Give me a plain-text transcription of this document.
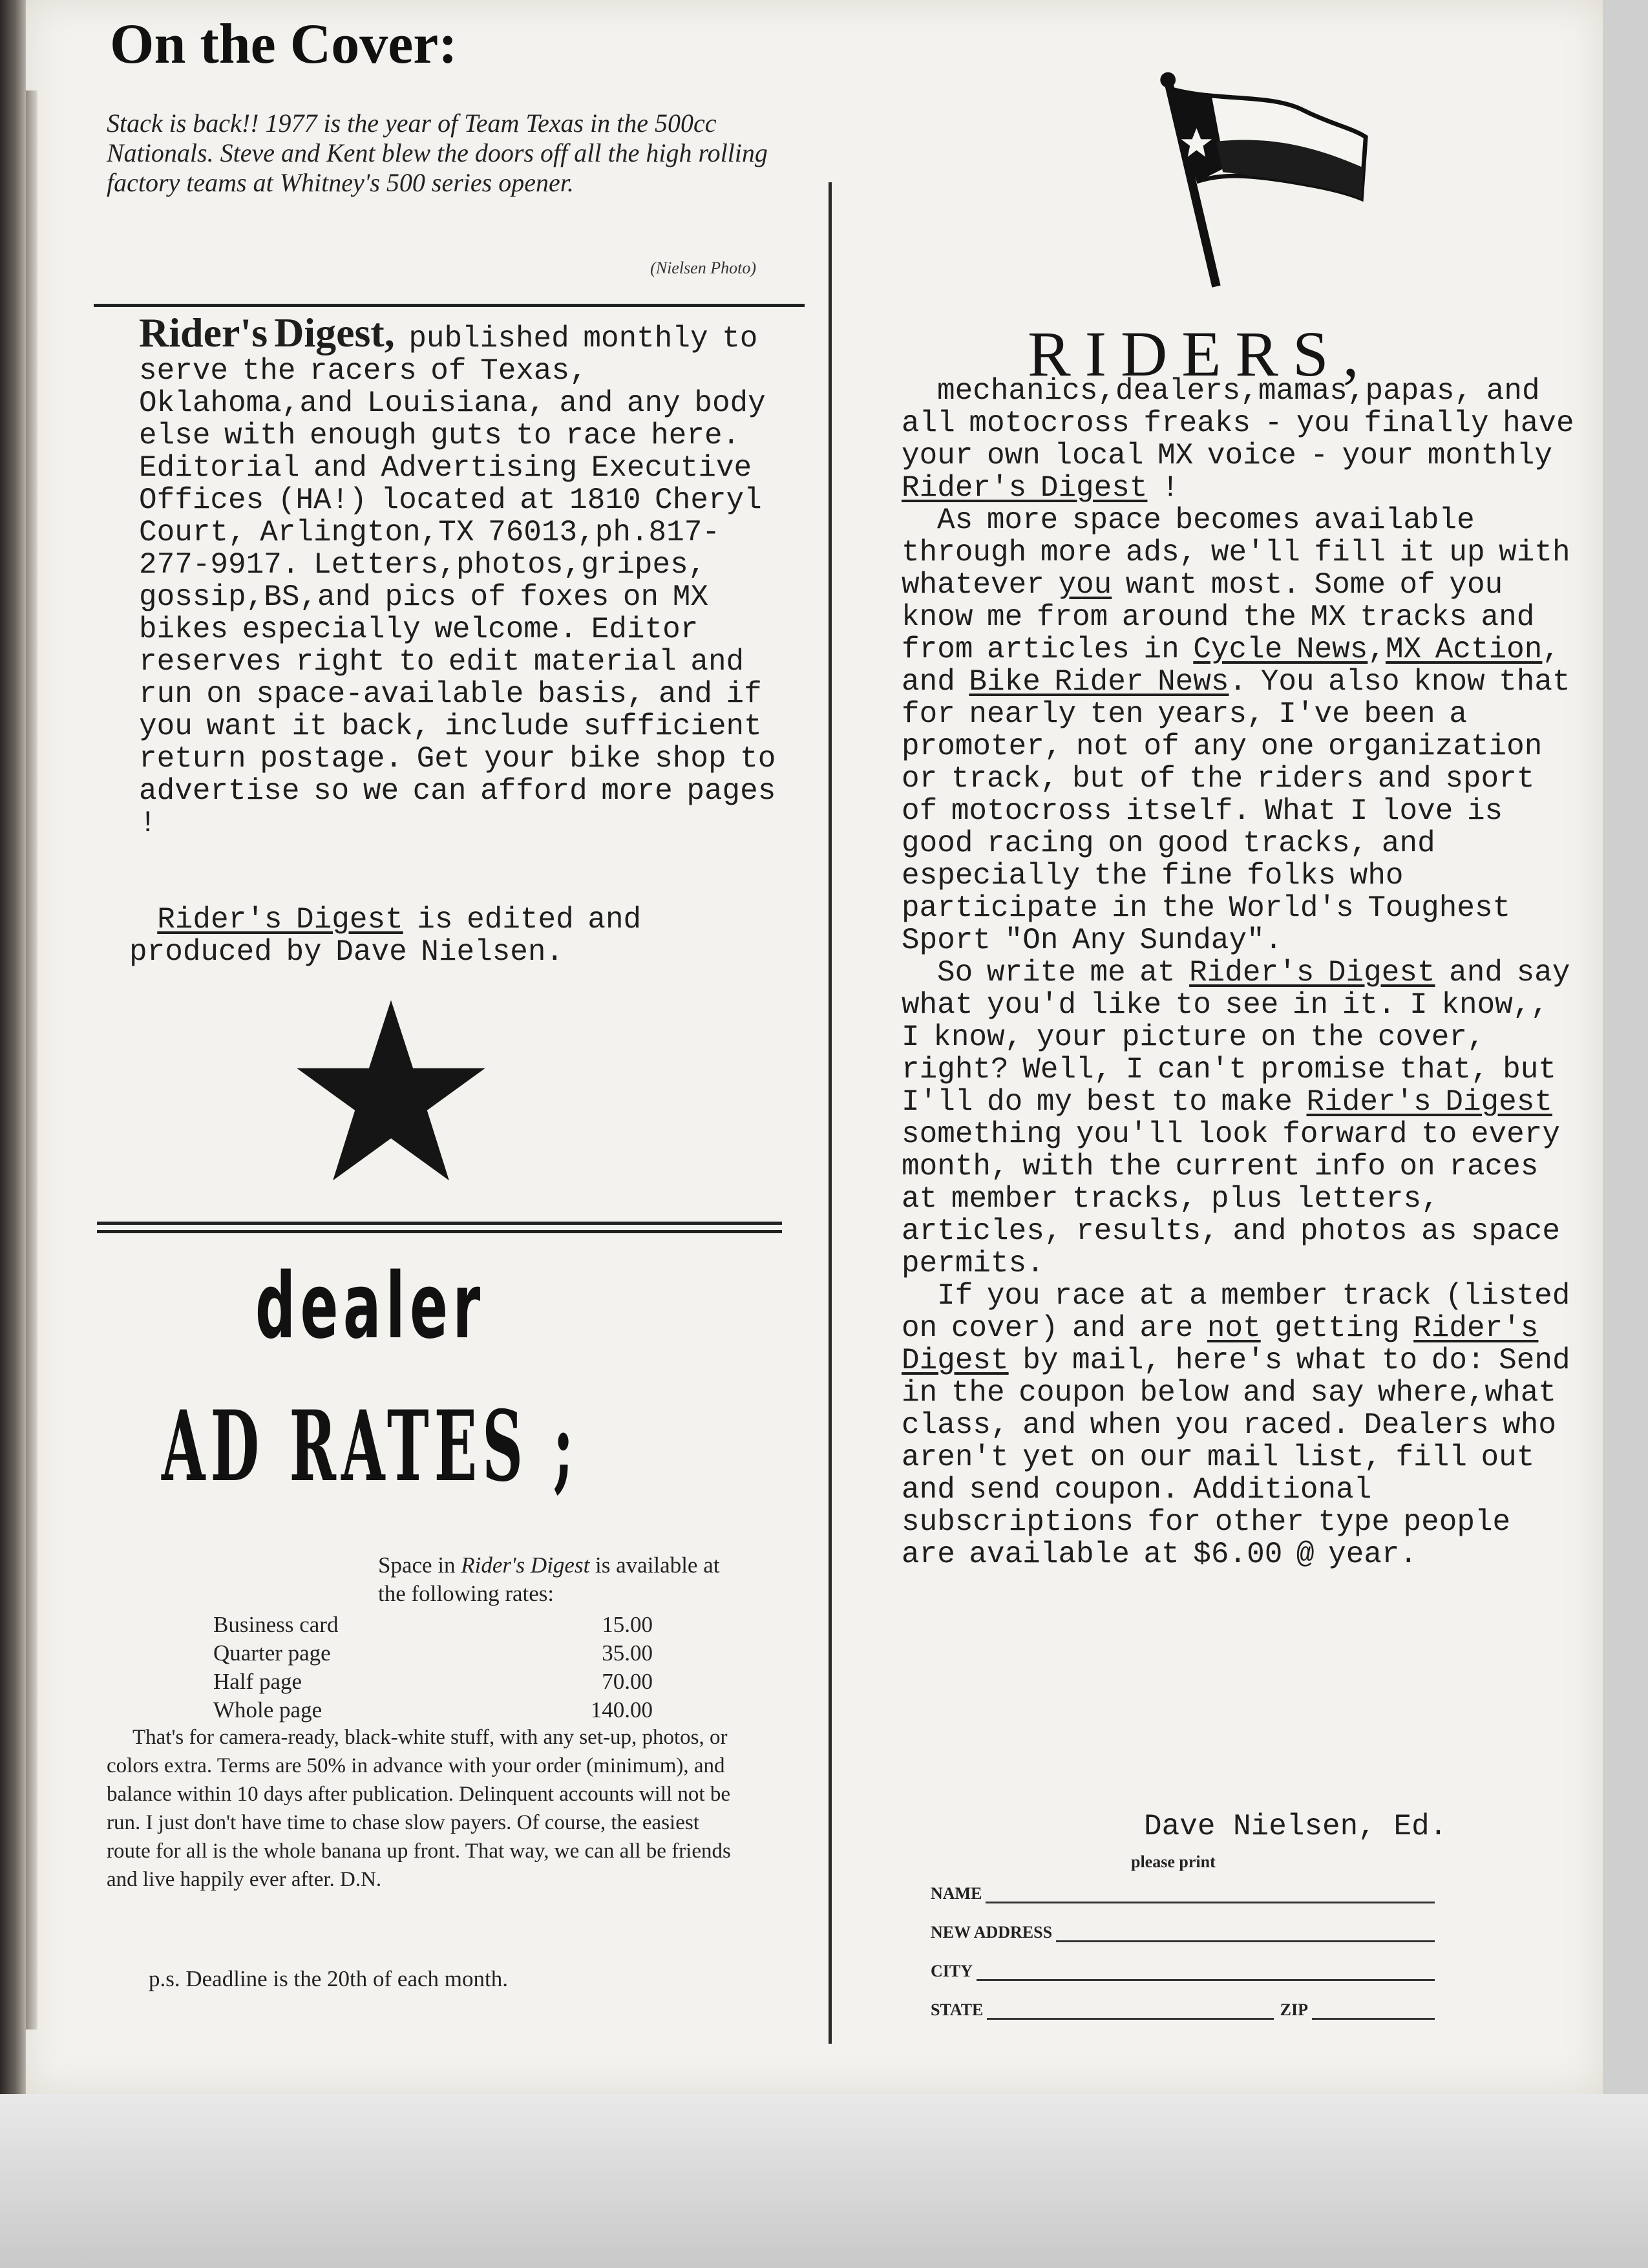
On the Cover:
Stack is back!! 1977 is the year of Team Texas in the 500cc Nationals. Steve and Kent blew the doors off all the high rolling factory teams at Whitney's 500 series opener.
(Nielsen Photo)
Rider's Digest, published monthly to serve the racers of Texas, Oklahoma,and Louisiana, and any body else with enough guts to race here. Editorial and Advertising Executive Offices (HA!) located at 1810 Cheryl Court, Arlington,TX 76013,ph.817-277-9917. Letters,photos,gripes, gossip,BS,and pics of foxes on MX bikes especially welcome. Editor reserves right to edit material and run on space-available basis, and if you want it back, include sufficient return postage. Get your bike shop to advertise so we can afford more pages !
Rider's Digest is edited and produced by Dave Nielsen.
dealer
AD RATES ;
Space in Rider's Digest is available at the following rates:
Business card	15.00
Quarter page	35.00
Half page	70.00
Whole page	140.00
That's for camera-ready, black-white stuff, with any set-up, photos, or colors extra. Terms are 50% in advance with your order (minimum), and balance within 10 days after publication. Delinquent accounts will not be run. I just don't have time to chase slow payers. Of course, the easiest route for all is the whole banana up front. That way, we can all be friends and live happily ever after. D.N.
p.s. Deadline is the 20th of each month.
RIDERS,

mechanics,dealers,mamas,papas, and all motocross freaks - you finally have your own local MX voice - your monthly Rider's Digest !

As more space becomes available through more ads, we'll fill it up with whatever you want most. Some of you know me from around the MX tracks and from articles in Cycle News,MX Action, and Bike Rider News. You also know that for nearly ten years, I've been a promoter, not of any one organization or track, but of the riders and sport of motocross itself. What I love is good racing on good tracks, and especially the fine folks who participate in the World's Toughest Sport "On Any Sunday".

So write me at Rider's Digest and say what you'd like to see in it. I know,, I know, your picture on the cover, right? Well, I can't promise that, but I'll do my best to make Rider's Digest something you'll look forward to every month, with the current info on races at member tracks, plus letters, articles, results, and photos as space permits.

If you race at a member track (listed on cover) and are not getting Rider's Digest by mail, here's what to do: Send in the coupon below and say where,what class, and when you raced. Dealers who aren't yet on our mail list, fill out and send coupon. Additional subscriptions for other type people are available at $6.00 @ year.

Dave Nielsen, Ed.
please print
NAME
NEW ADDRESS
CITY
STATE	ZIP
